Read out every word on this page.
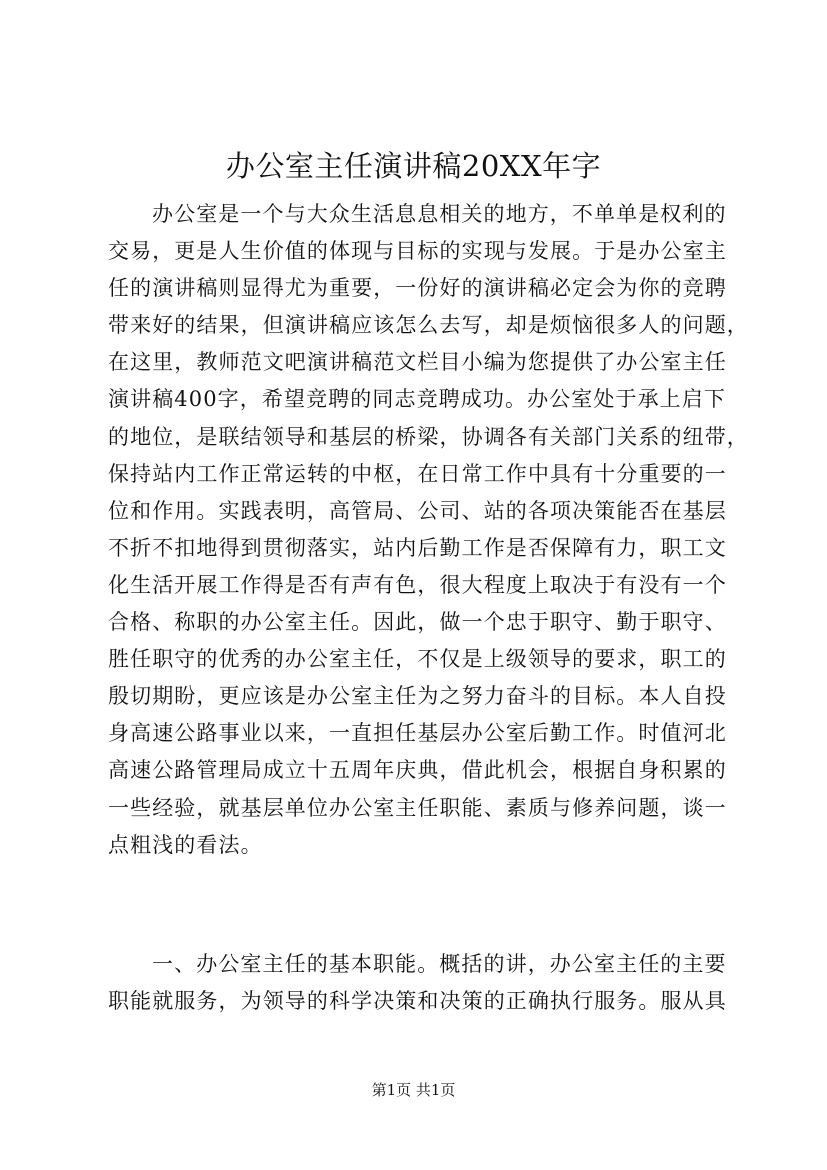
办公室主任演讲稿20XX年字
办公室是一个与大众生活息息相关的地方，不单单是权利的
交易，更是人生价值的体现与目标的实现与发展。于是办公室主
任的演讲稿则显得尤为重要，一份好的演讲稿必定会为你的竞聘
带来好的结果，但演讲稿应该怎么去写，却是烦恼很多人的问题，
在这里，教师范文吧演讲稿范文栏目小编为您提供了办公室主任
演讲稿400字，希望竞聘的同志竞聘成功。办公室处于承上启下
的地位，是联结领导和基层的桥梁，协调各有关部门关系的纽带，
保持站内工作正常运转的中枢，在日常工作中具有十分重要的一
位和作用。实践表明，高管局、公司、站的各项决策能否在基层
不折不扣地得到贯彻落实，站内后勤工作是否保障有力，职工文
化生活开展工作得是否有声有色，很大程度上取决于有没有一个
合格、称职的办公室主任。因此，做一个忠于职守、勤于职守、
胜任职守的优秀的办公室主任，不仅是上级领导的要求，职工的
殷切期盼，更应该是办公室主任为之努力奋斗的目标。本人自投
身高速公路事业以来，一直担任基层办公室后勤工作。时值河北
高速公路管理局成立十五周年庆典，借此机会，根据自身积累的
一些经验，就基层单位办公室主任职能、素质与修养问题，谈一
点粗浅的看法。
一、办公室主任的基本职能。概括的讲，办公室主任的主要
职能就服务，为领导的科学决策和决策的正确执行服务。服从具
第1页 共1页
